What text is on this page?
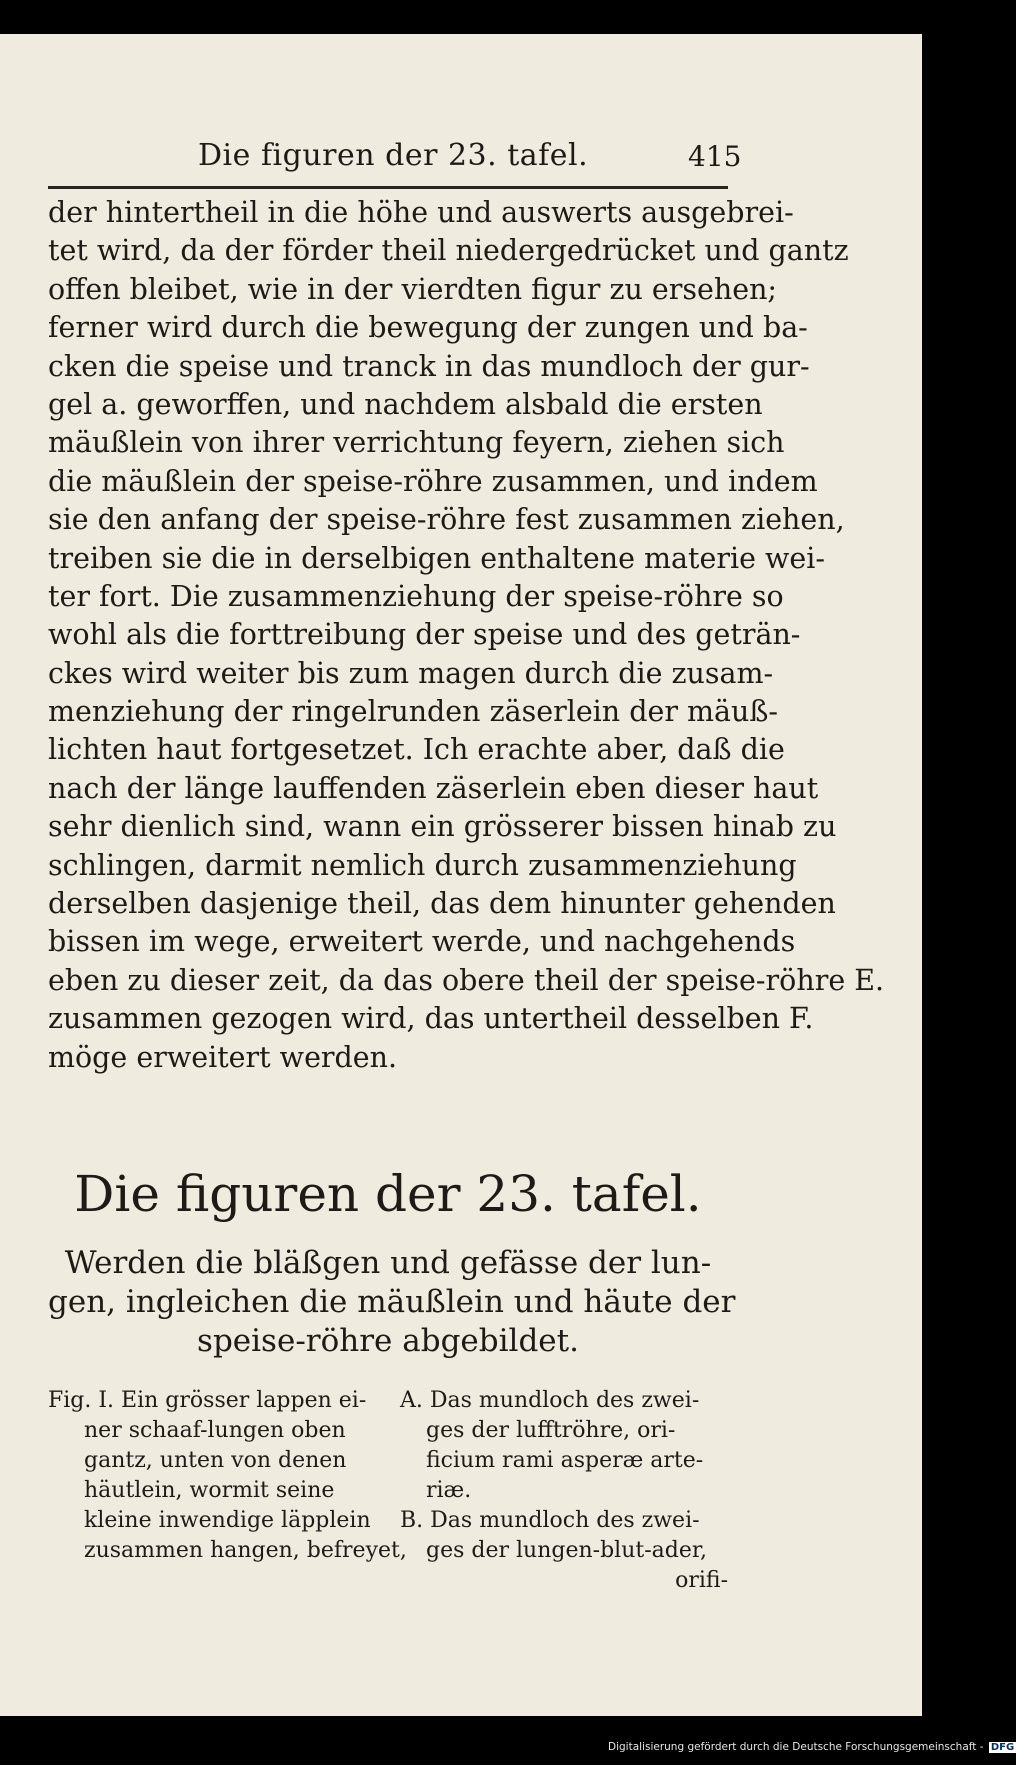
Die figuren der 23. tafel.	415
der hintertheil in die höhe und auswerts ausgebrei-
tet wird, da der förder theil niedergedrücket und gantz
offen bleibet, wie in der vierdten figur zu ersehen;
ferner wird durch die bewegung der zungen und ba-
cken die speise und tranck in das mundloch der gur-
gel a. geworffen, und nachdem alsbald die ersten
mäußlein von ihrer verrichtung feyern, ziehen sich
die mäußlein der speise-röhre zusammen, und indem
sie den anfang der speise-röhre fest zusammen ziehen,
treiben sie die in derselbigen enthaltene materie wei-
ter fort. Die zusammenziehung der speise-röhre so
wohl als die forttreibung der speise und des geträn-
ckes wird weiter bis zum magen durch die zusam-
menziehung der ringelrunden zäserlein der mäuß-
lichten haut fortgesetzet. Ich erachte aber, daß die
nach der länge lauffenden zäserlein eben dieser haut
sehr dienlich sind, wann ein grösserer bissen hinab zu
schlingen, darmit nemlich durch zusammenziehung
derselben dasjenige theil, das dem hinunter gehenden
bissen im wege, erweitert werde, und nachgehends
eben zu dieser zeit, da das obere theil der speise-röhre E.
zusammen gezogen wird, das untertheil desselben F.
möge erweitert werden.
Die figuren der 23. tafel.
Werden die bläßgen und gefässe der lun-
gen, ingleichen die mäußlein und häute der
speise-röhre abgebildet.
Fig. I. Ein grösser lappen ei-
ner schaaf-lungen oben
gantz, unten von denen
häutlein, wormit seine
kleine inwendige läpplein
zusammen hangen, befreyet,
A. Das mundloch des zwei-
ges der lufftröhre, ori-
ficium rami asperæ arte-
riæ.
B. Das mundloch des zwei-
ges der lungen-blut-ader,
orifi-
Digitalisierung gefördert durch die Deutsche Forschungsgemeinschaft - DFG
